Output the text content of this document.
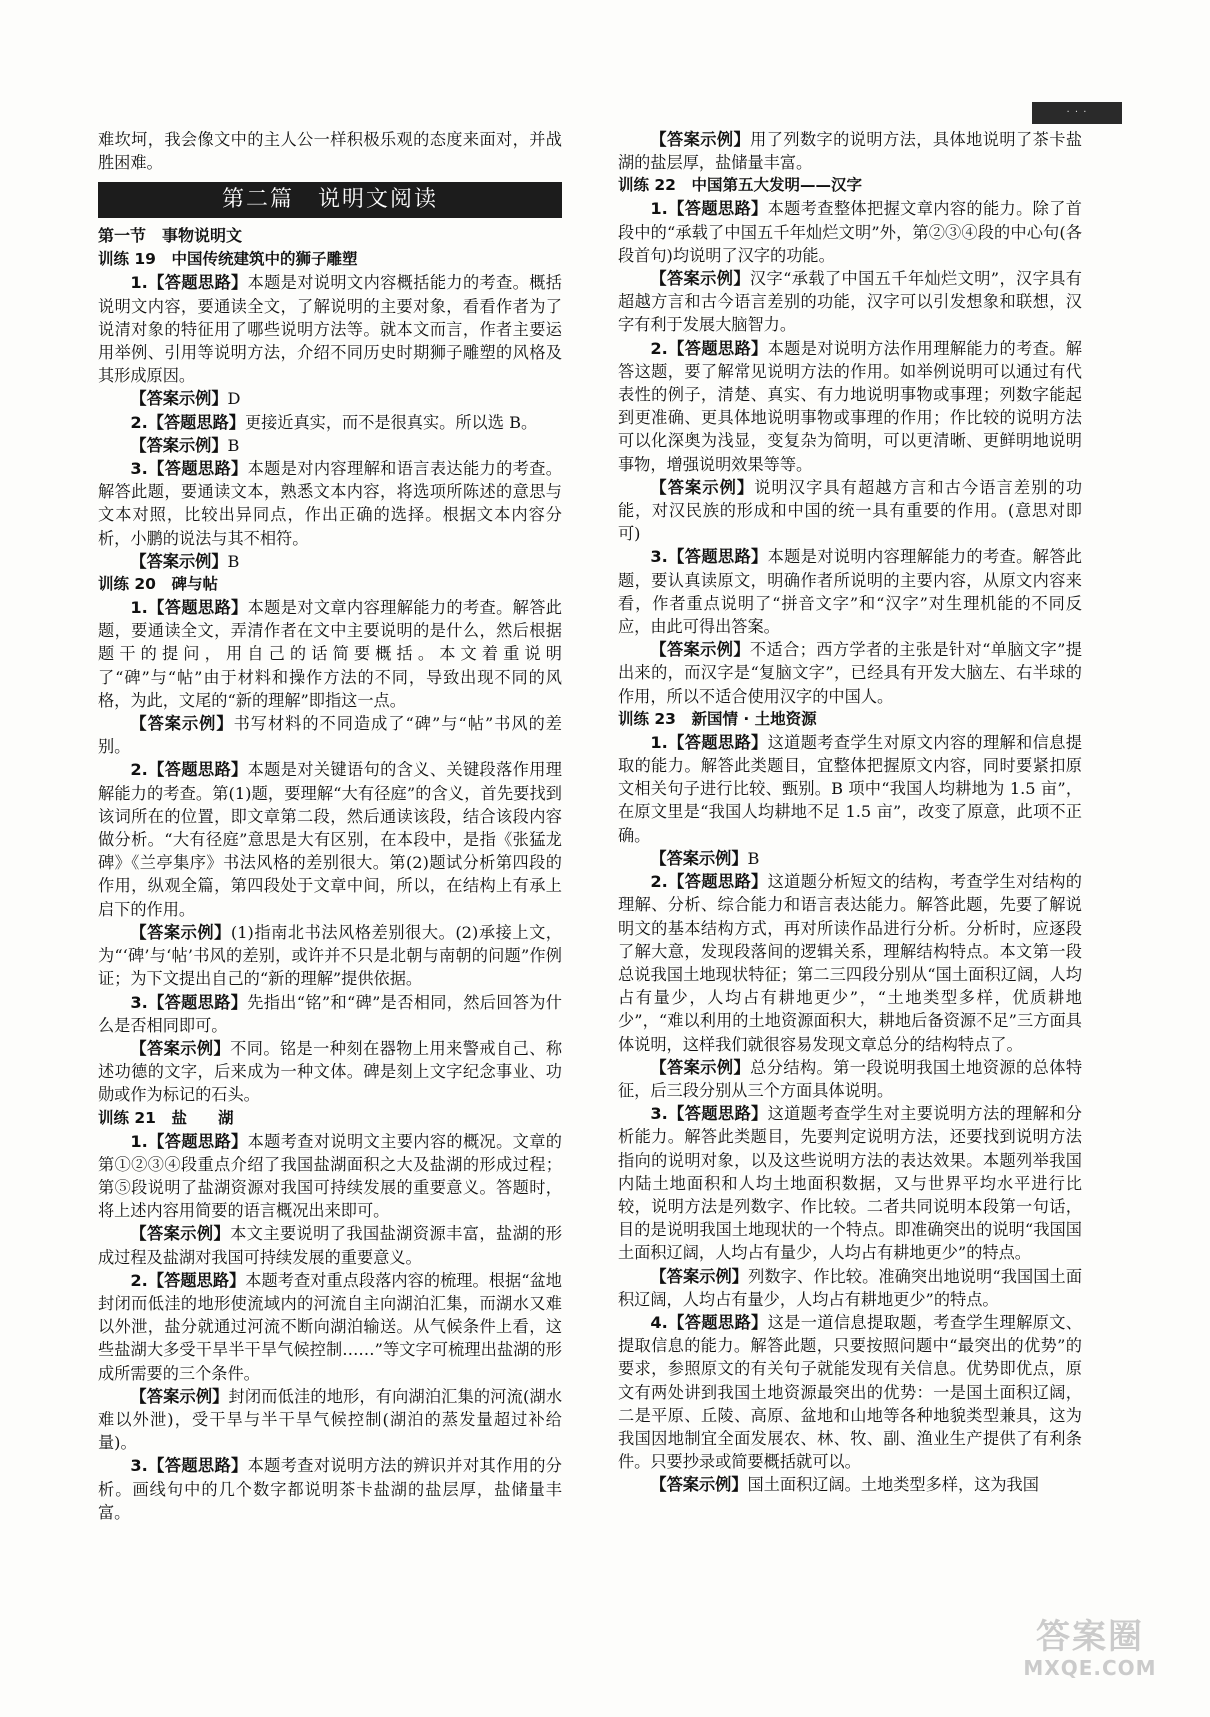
· · ·

难坎坷，我会像文中的主人公一样积极乐观的态度来面对，并战胜困难。

第二篇　说明文阅读

第一节　事物说明文

训练 19　中国传统建筑中的狮子雕塑

1.【答题思路】本题是对说明文内容概括能力的考查。概括说明文内容，要通读全文，了解说明的主要对象，看看作者为了说清对象的特征用了哪些说明方法等。就本文而言，作者主要运用举例、引用等说明方法，介绍不同历史时期狮子雕塑的风格及其形成原因。

【答案示例】D

2.【答题思路】更接近真实，而不是很真实。所以选 B。

【答案示例】B

3.【答题思路】本题是对内容理解和语言表达能力的考查。解答此题，要通读文本，熟悉文本内容，将选项所陈述的意思与文本对照，比较出异同点，作出正确的选择。根据文本内容分析，小鹏的说法与其不相符。

【答案示例】B

训练 20　碑与帖

1.【答题思路】本题是对文章内容理解能力的考查。解答此题，要通读全文，弄清作者在文中主要说明的是什么，然后根据题干的提问，用自己的话简要概括。本文着重说明了“碑”与“帖”由于材料和操作方法的不同，导致出现不同的风格，为此，文尾的“新的理解”即指这一点。

【答案示例】书写材料的不同造成了“碑”与“帖”书风的差别。

2.【答题思路】本题是对关键语句的含义、关键段落作用理解能力的考查。第(1)题，要理解“大有径庭”的含义，首先要找到该词所在的位置，即文章第二段，然后通读该段，结合该段内容做分析。“大有径庭”意思是大有区别，在本段中，是指《张猛龙碑》《兰亭集序》书法风格的差别很大。第(2)题试分析第四段的作用，纵观全篇，第四段处于文章中间，所以，在结构上有承上启下的作用。

【答案示例】(1)指南北书法风格差别很大。(2)承接上文，为“‘碑’与‘帖’书风的差别，或许并不只是北朝与南朝的问题”作例证；为下文提出自己的“新的理解”提供依据。

3.【答题思路】先指出“铭”和“碑”是否相同，然后回答为什么是否相同即可。

【答案示例】不同。铭是一种刻在器物上用来警戒自己、称述功德的文字，后来成为一种文体。碑是刻上文字纪念事业、功勋或作为标记的石头。

训练 21　盐　　湖

1.【答题思路】本题考查对说明文主要内容的概况。文章的第①②③④段重点介绍了我国盐湖面积之大及盐湖的形成过程；第⑤段说明了盐湖资源对我国可持续发展的重要意义。答题时，将上述内容用简要的语言概况出来即可。

【答案示例】本文主要说明了我国盐湖资源丰富，盐湖的形成过程及盐湖对我国可持续发展的重要意义。

2.【答题思路】本题考查对重点段落内容的梳理。根据“盆地封闭而低洼的地形使流域内的河流自主向湖泊汇集，而湖水又难以外泄，盐分就通过河流不断向湖泊输送。从气候条件上看，这些盐湖大多受干旱半干旱气候控制……”等文字可梳理出盐湖的形成所需要的三个条件。

【答案示例】封闭而低洼的地形，有向湖泊汇集的河流(湖水难以外泄)，受干旱与半干旱气候控制(湖泊的蒸发量超过补给量)。

3.【答题思路】本题考查对说明方法的辨识并对其作用的分析。画线句中的几个数字都说明茶卡盐湖的盐层厚，盐储量丰富。

【答案示例】用了列数字的说明方法，具体地说明了茶卡盐湖的盐层厚，盐储量丰富。

训练 22　中国第五大发明——汉字

1.【答题思路】本题考查整体把握文章内容的能力。除了首段中的“承载了中国五千年灿烂文明”外，第②③④段的中心句(各段首句)均说明了汉字的功能。

【答案示例】汉字“承载了中国五千年灿烂文明”，汉字具有超越方言和古今语言差别的功能，汉字可以引发想象和联想，汉字有利于发展大脑智力。

2.【答题思路】本题是对说明方法作用理解能力的考查。解答这题，要了解常见说明方法的作用。如举例说明可以通过有代表性的例子，清楚、真实、有力地说明事物或事理；列数字能起到更准确、更具体地说明事物或事理的作用；作比较的说明方法可以化深奥为浅显，变复杂为简明，可以更清晰、更鲜明地说明事物，增强说明效果等等。

【答案示例】说明汉字具有超越方言和古今语言差别的功能，对汉民族的形成和中国的统一具有重要的作用。(意思对即可)

3.【答题思路】本题是对说明内容理解能力的考查。解答此题，要认真读原文，明确作者所说明的主要内容，从原文内容来看，作者重点说明了“拼音文字”和“汉字”对生理机能的不同反应，由此可得出答案。

【答案示例】不适合；西方学者的主张是针对“单脑文字”提出来的，而汉字是“复脑文字”，已经具有开发大脑左、右半球的作用，所以不适合使用汉字的中国人。

训练 23　新国情 · 土地资源

1.【答题思路】这道题考查学生对原文内容的理解和信息提取的能力。解答此类题目，宜整体把握原文内容，同时要紧扣原文相关句子进行比较、甄别。B 项中“我国人均耕地为 1.5 亩”，在原文里是“我国人均耕地不足 1.5 亩”，改变了原意，此项不正确。

【答案示例】B

2.【答题思路】这道题分析短文的结构，考查学生对结构的理解、分析、综合能力和语言表达能力。解答此题，先要了解说明文的基本结构方式，再对所读作品进行分析。分析时，应逐段了解大意，发现段落间的逻辑关系，理解结构特点。本文第一段总说我国土地现状特征；第二三四段分别从“国土面积辽阔，人均占有量少，人均占有耕地更少”，“土地类型多样，优质耕地少”，“难以利用的土地资源面积大，耕地后备资源不足”三方面具体说明，这样我们就很容易发现文章总分的结构特点了。

【答案示例】总分结构。第一段说明我国土地资源的总体特征，后三段分别从三个方面具体说明。

3.【答题思路】这道题考查学生对主要说明方法的理解和分析能力。解答此类题目，先要判定说明方法，还要找到说明方法指向的说明对象，以及这些说明方法的表达效果。本题列举我国内陆土地面积和人均土地面积数据，又与世界平均水平进行比较，说明方法是列数字、作比较。二者共同说明本段第一句话，目的是说明我国土地现状的一个特点。即准确突出的说明“我国国土面积辽阔，人均占有量少，人均占有耕地更少”的特点。

【答案示例】列数字、作比较。准确突出地说明“我国国土面积辽阔，人均占有量少，人均占有耕地更少”的特点。

4.【答题思路】这是一道信息提取题，考查学生理解原文、提取信息的能力。解答此题，只要按照问题中“最突出的优势”的要求，参照原文的有关句子就能发现有关信息。优势即优点，原文有两处讲到我国土地资源最突出的优势：一是国土面积辽阔，二是平原、丘陵、高原、盆地和山地等各种地貌类型兼具，这为我国因地制宜全面发展农、林、牧、副、渔业生产提供了有利条件。只要抄录或简要概括就可以。

【答案示例】国土面积辽阔。土地类型多样，这为我国

答案圈
MXQE.COM
